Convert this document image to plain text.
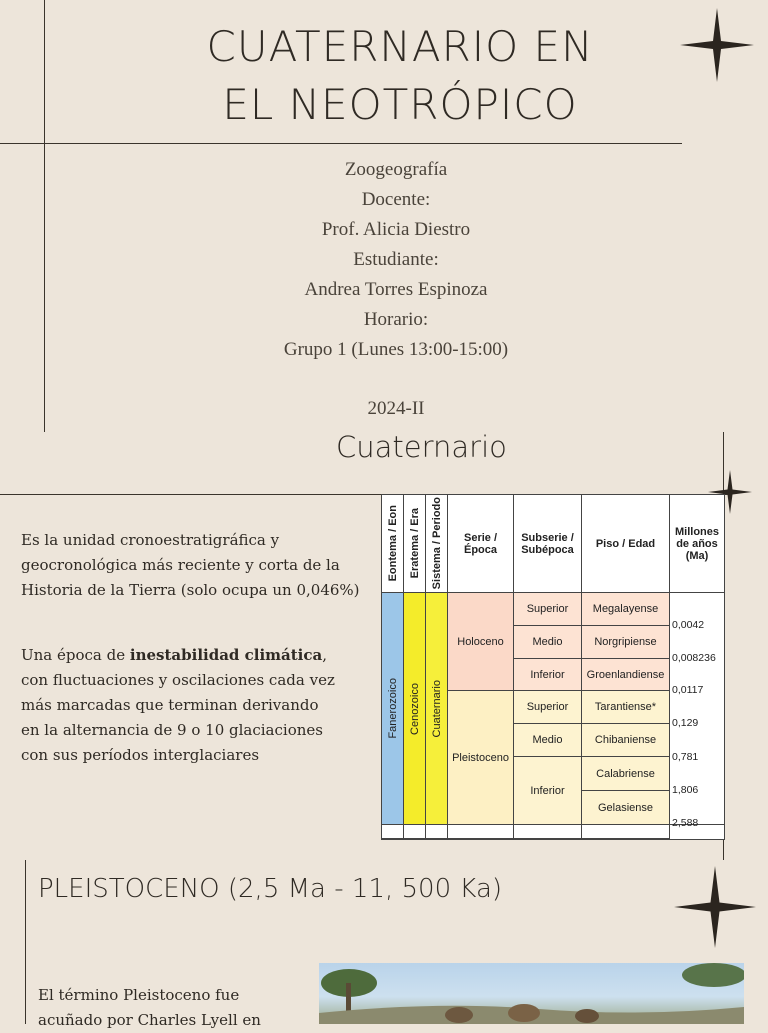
CUATERNARIO EN
EL NEOTRÓPICO
Zoogeografía
Docente:
Prof. Alicia Diestro
Estudiante:
Andrea Torres Espinoza
Horario:
Grupo 1 (Lunes 13:00-15:00)
2024-II
Cuaternario
Es la unidad cronoestratigráfica y geocronológica más reciente y corta de la Historia de la Tierra (solo ocupa un 0,046%)
Una época de inestabilidad climática, con fluctuaciones y oscilaciones cada vez más marcadas que terminan derivando en la alternancia de 9 o 10 glaciaciones con sus períodos interglaciares
Eontema / Eon Eratema / Era Sistema / Periodo	Serie / Época
Subserie / Subépoca	Piso / Edad
Millones de años (Ma)
Fanerozoico Cenozoico Cuaternario
Holoceno
Pleistoceno
Superior
Medio
Inferior
Superior
Medio
Inferior
Megalayense
Norgripiense
Groenlandiense
Tarantiense*
Chibaniense
Calabriense
Gelasiense
0,0042
0,008236
0,0117
0,129
0,781
1,806
2,588
PLEISTOCENO (2,5 Ma - 11, 500 Ka)
El término Pleistoceno fue acuñado por Charles Lyell en
